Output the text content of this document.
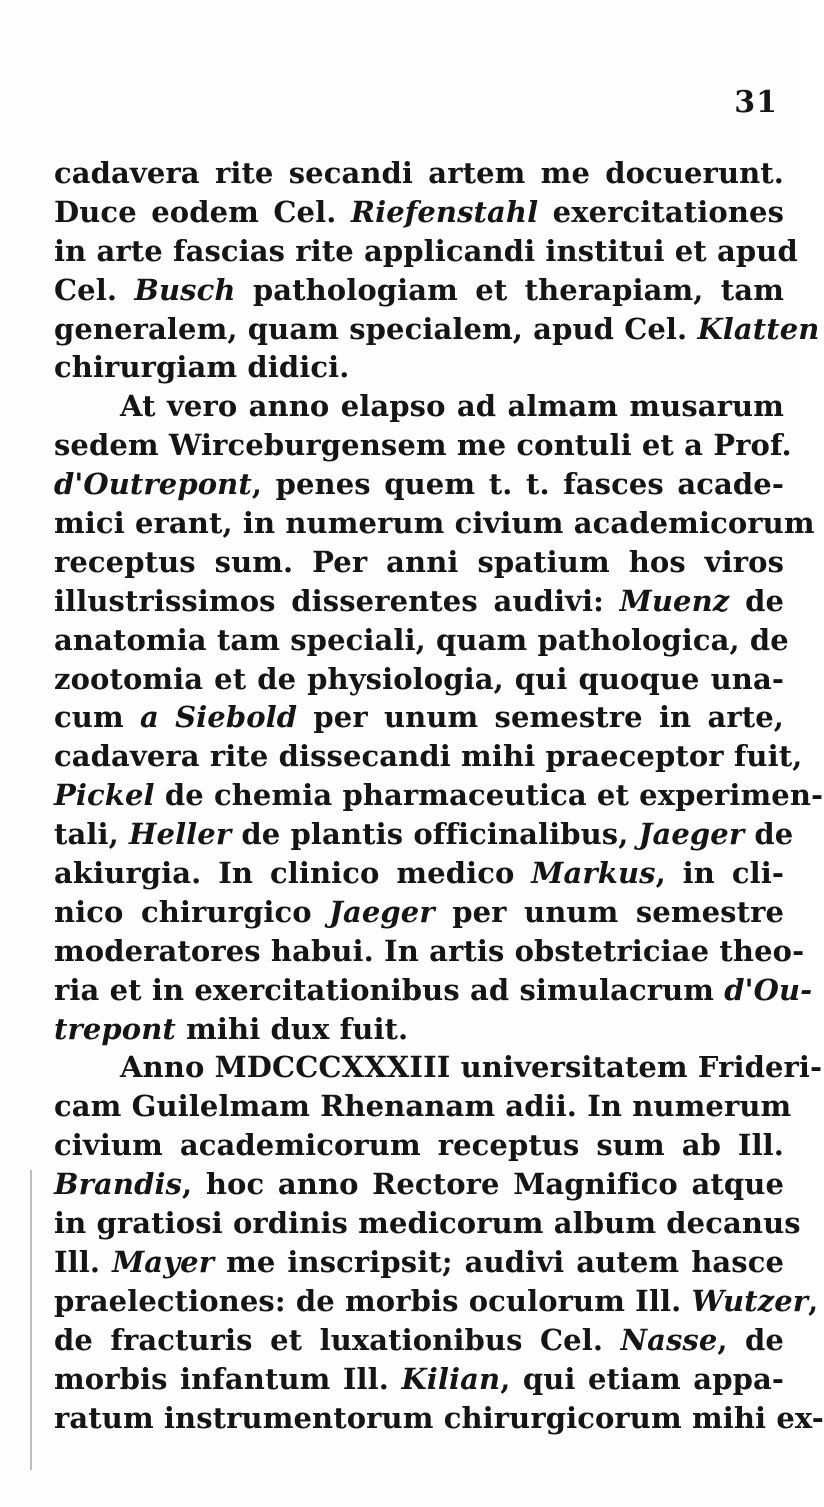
31
cadavera rite secandi artem me docuerunt.
Duce eodem Cel. Riefenstahl exercitationes
in arte fascias rite applicandi institui et apud
Cel. Busch pathologiam et therapiam, tam
generalem, quam specialem, apud Cel. Klatten
chirurgiam didici.
At vero anno elapso ad almam musarum
sedem Wirceburgensem me contuli et a Prof.
d'Outrepont, penes quem t. t. fasces acade-
mici erant, in numerum civium academicorum
receptus sum. Per anni spatium hos viros
illustrissimos disserentes audivi: Muenz de
anatomia tam speciali, quam pathologica, de
zootomia et de physiologia, qui quoque una-
cum a Siebold per unum semestre in arte,
cadavera rite dissecandi mihi praeceptor fuit,
Pickel de chemia pharmaceutica et experimen-
tali, Heller de plantis officinalibus, Jaeger de
akiurgia. In clinico medico Markus, in cli-
nico chirurgico Jaeger per unum semestre
moderatores habui. In artis obstetriciae theo-
ria et in exercitationibus ad simulacrum d'Ou-
trepont mihi dux fuit.
Anno MDCCCXXXIII universitatem Frideri-
cam Guilelmam Rhenanam adii. In numerum
civium academicorum receptus sum ab Ill.
Brandis, hoc anno Rectore Magnifico atque
in gratiosi ordinis medicorum album decanus
Ill. Mayer me inscripsit; audivi autem hasce
praelectiones: de morbis oculorum Ill. Wutzer,
de fracturis et luxationibus Cel. Nasse, de
morbis infantum Ill. Kilian, qui etiam appa-
ratum instrumentorum chirurgicorum mihi ex-
